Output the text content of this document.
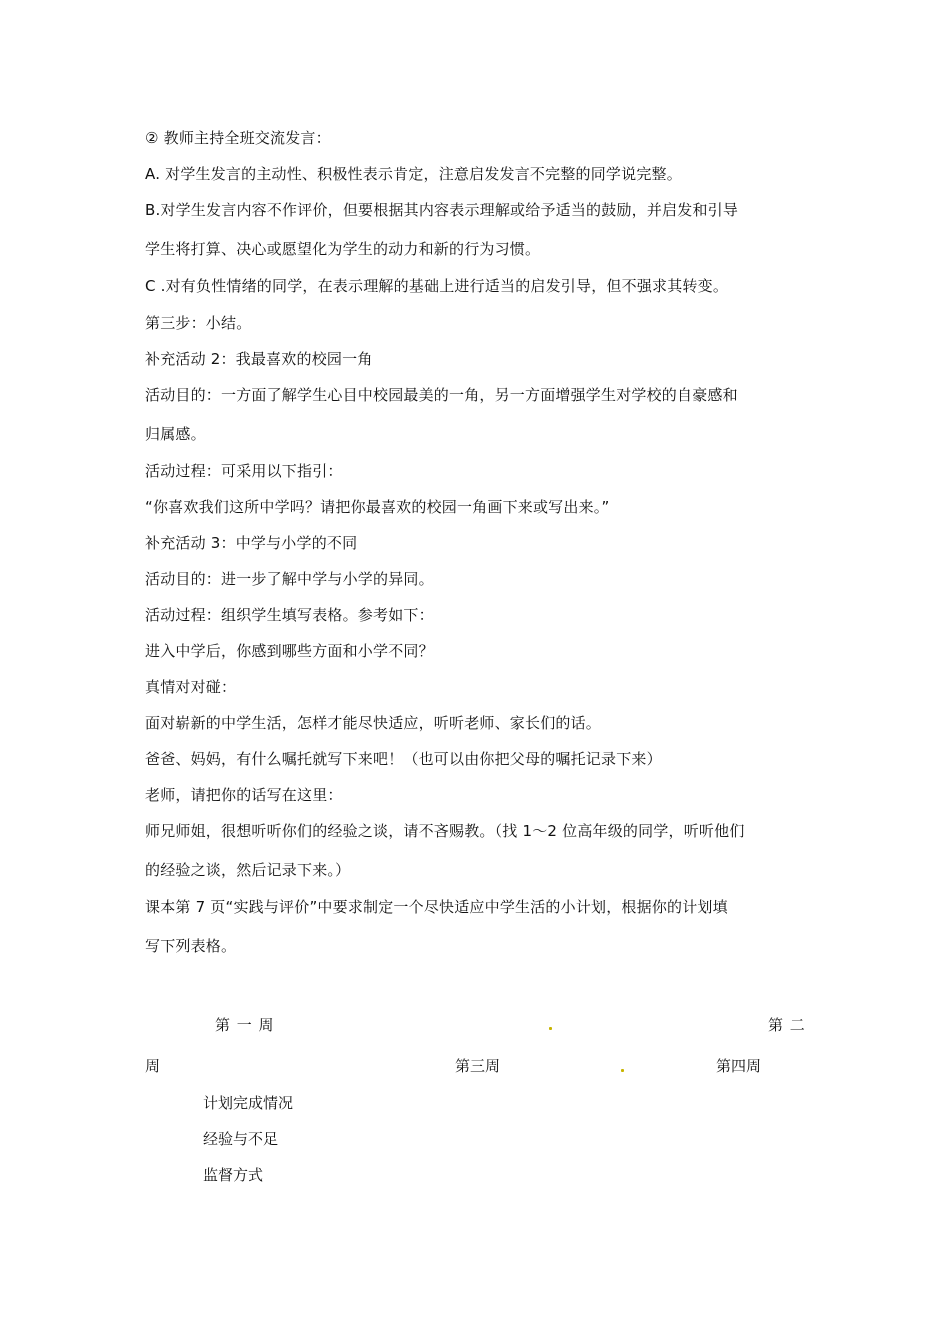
② 教师主持全班交流发言：
A. 对学生发言的主动性、积极性表示肯定，注意启发发言不完整的同学说完整。
B.对学生发言内容不作评价，但要根据其内容表示理解或给予适当的鼓励，并启发和引导
学生将打算、决心或愿望化为学生的动力和新的行为习惯。
C .对有负性情绪的同学，在表示理解的基础上进行适当的启发引导，但不强求其转变。
第三步：小结。
补充活动 2：我最喜欢的校园一角
活动目的：一方面了解学生心目中校园最美的一角，另一方面增强学生对学校的自豪感和
归属感。
活动过程：可采用以下指引：
“你喜欢我们这所中学吗？请把你最喜欢的校园一角画下来或写出来。”
补充活动 3：中学与小学的不同
活动目的：进一步了解中学与小学的异同。
活动过程：组织学生填写表格。参考如下：
进入中学后，你感到哪些方面和小学不同？
真情对对碰：
面对崭新的中学生活，怎样才能尽快适应，听听老师、家长们的话。
爸爸、妈妈，有什么嘱托就写下来吧！（也可以由你把父母的嘱托记录下来）
老师，请把你的话写在这里：
师兄师姐，很想听听你们的经验之谈，请不吝赐教。（找 1～2 位高年级的同学，听听他们
的经验之谈，然后记录下来。）
课本第 7 页“实践与评价”中要求制定一个尽快适应中学生活的小计划，根据你的计划填
写下列表格。
第 一 周	第 二
周	第三周	第四周
计划完成情况
经验与不足
监督方式
